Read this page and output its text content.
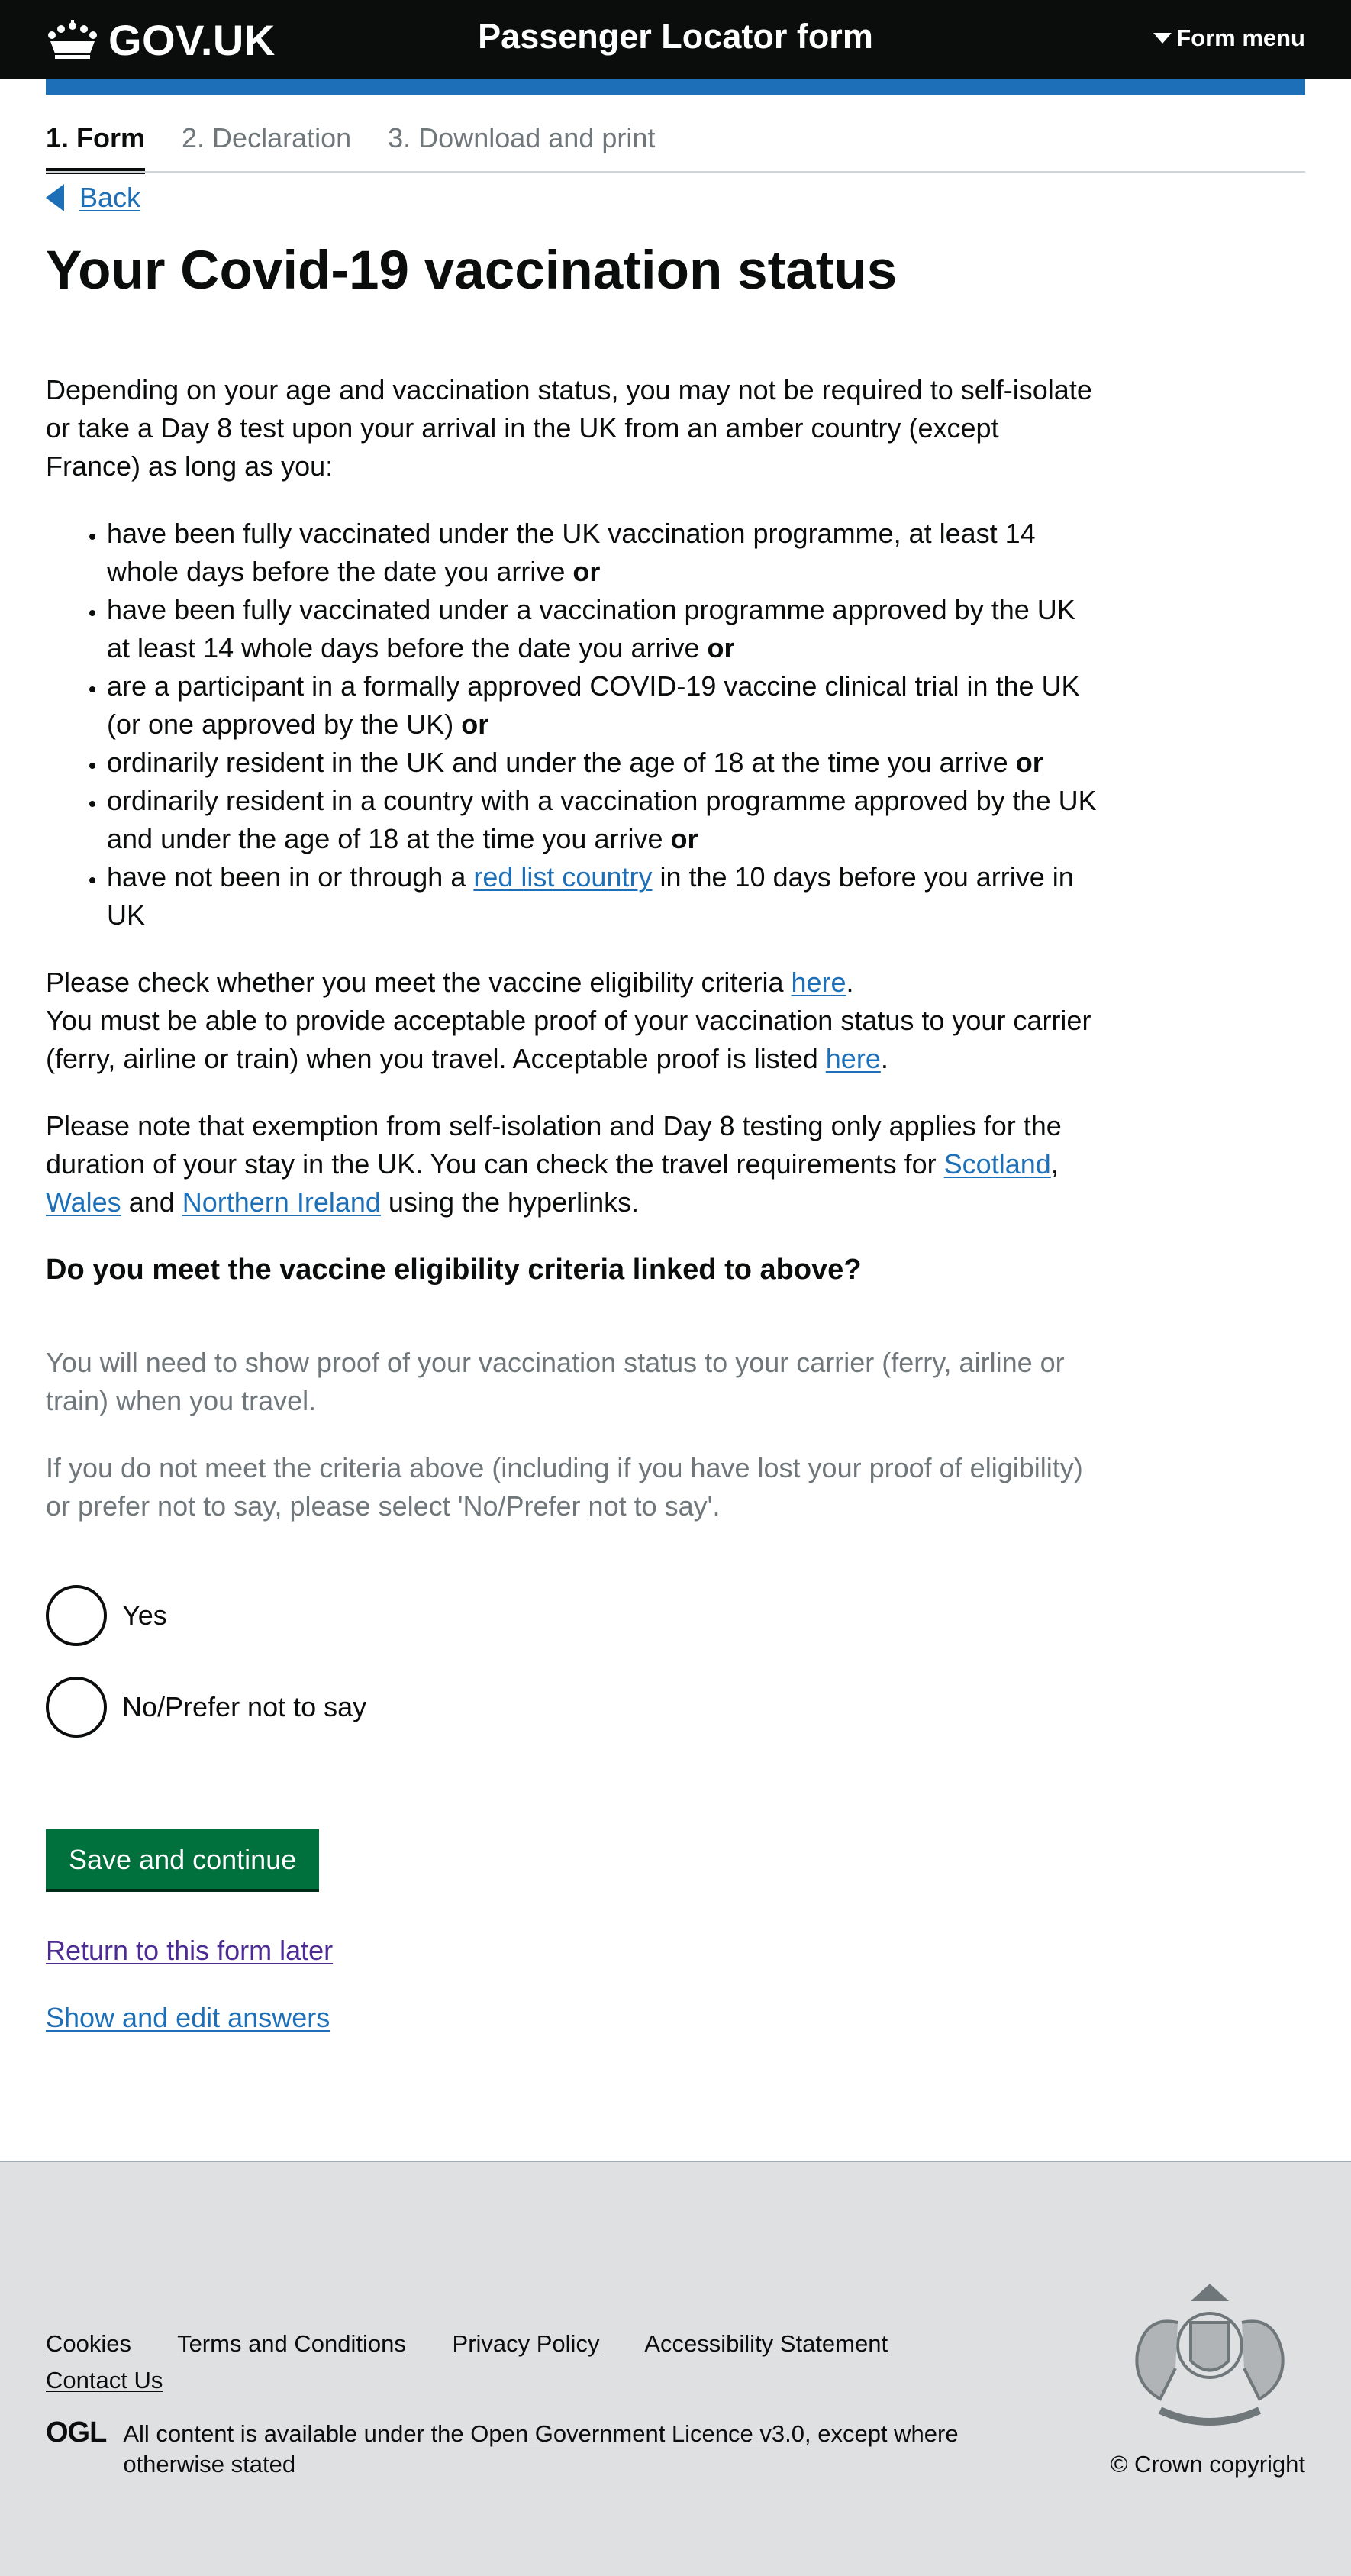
GOV.UK	Passenger Locator form	Form menu
1. Form 2. Declaration 3. Download and print
Back
Your Covid-19 vaccination status

Depending on your age and vaccination status, you may not be required to self-isolate or take a Day 8 test upon your arrival in the UK from an amber country (except France) as long as you:

• have been fully vaccinated under the UK vaccination programme, at least 14 whole days before the date you arrive or
• have been fully vaccinated under a vaccination programme approved by the UK at least 14 whole days before the date you arrive or
• are a participant in a formally approved COVID-19 vaccine clinical trial in the UK (or one approved by the UK) or
• ordinarily resident in the UK and under the age of 18 at the time you arrive or
• ordinarily resident in a country with a vaccination programme approved by the UK and under the age of 18 at the time you arrive or
• have not been in or through a red list country in the 10 days before you arrive in UK

Please check whether you meet the vaccine eligibility criteria here.

You must be able to provide acceptable proof of your vaccination status to your carrier (ferry, airline or train) when you travel. Acceptable proof is listed here.

Please note that exemption from self-isolation and Day 8 testing only applies for the duration of your stay in the UK. You can check the travel requirements for Scotland, Wales and Northern Ireland using the hyperlinks.

Do you meet the vaccine eligibility criteria linked to above?

You will need to show proof of your vaccination status to your carrier (ferry, airline or train) when you travel.

If you do not meet the criteria above (including if you have lost your proof of eligibility) or prefer not to say, please select 'No/Prefer not to say'.

Yes
No/Prefer not to say
Save and continue
Return to this form later
Show and edit answers
Cookies Terms and Conditions Privacy Policy Accessibility Statement
Contact Us
OGL All content is available under the Open Government Licence v3.0, except where otherwise stated	© Crown copyright
